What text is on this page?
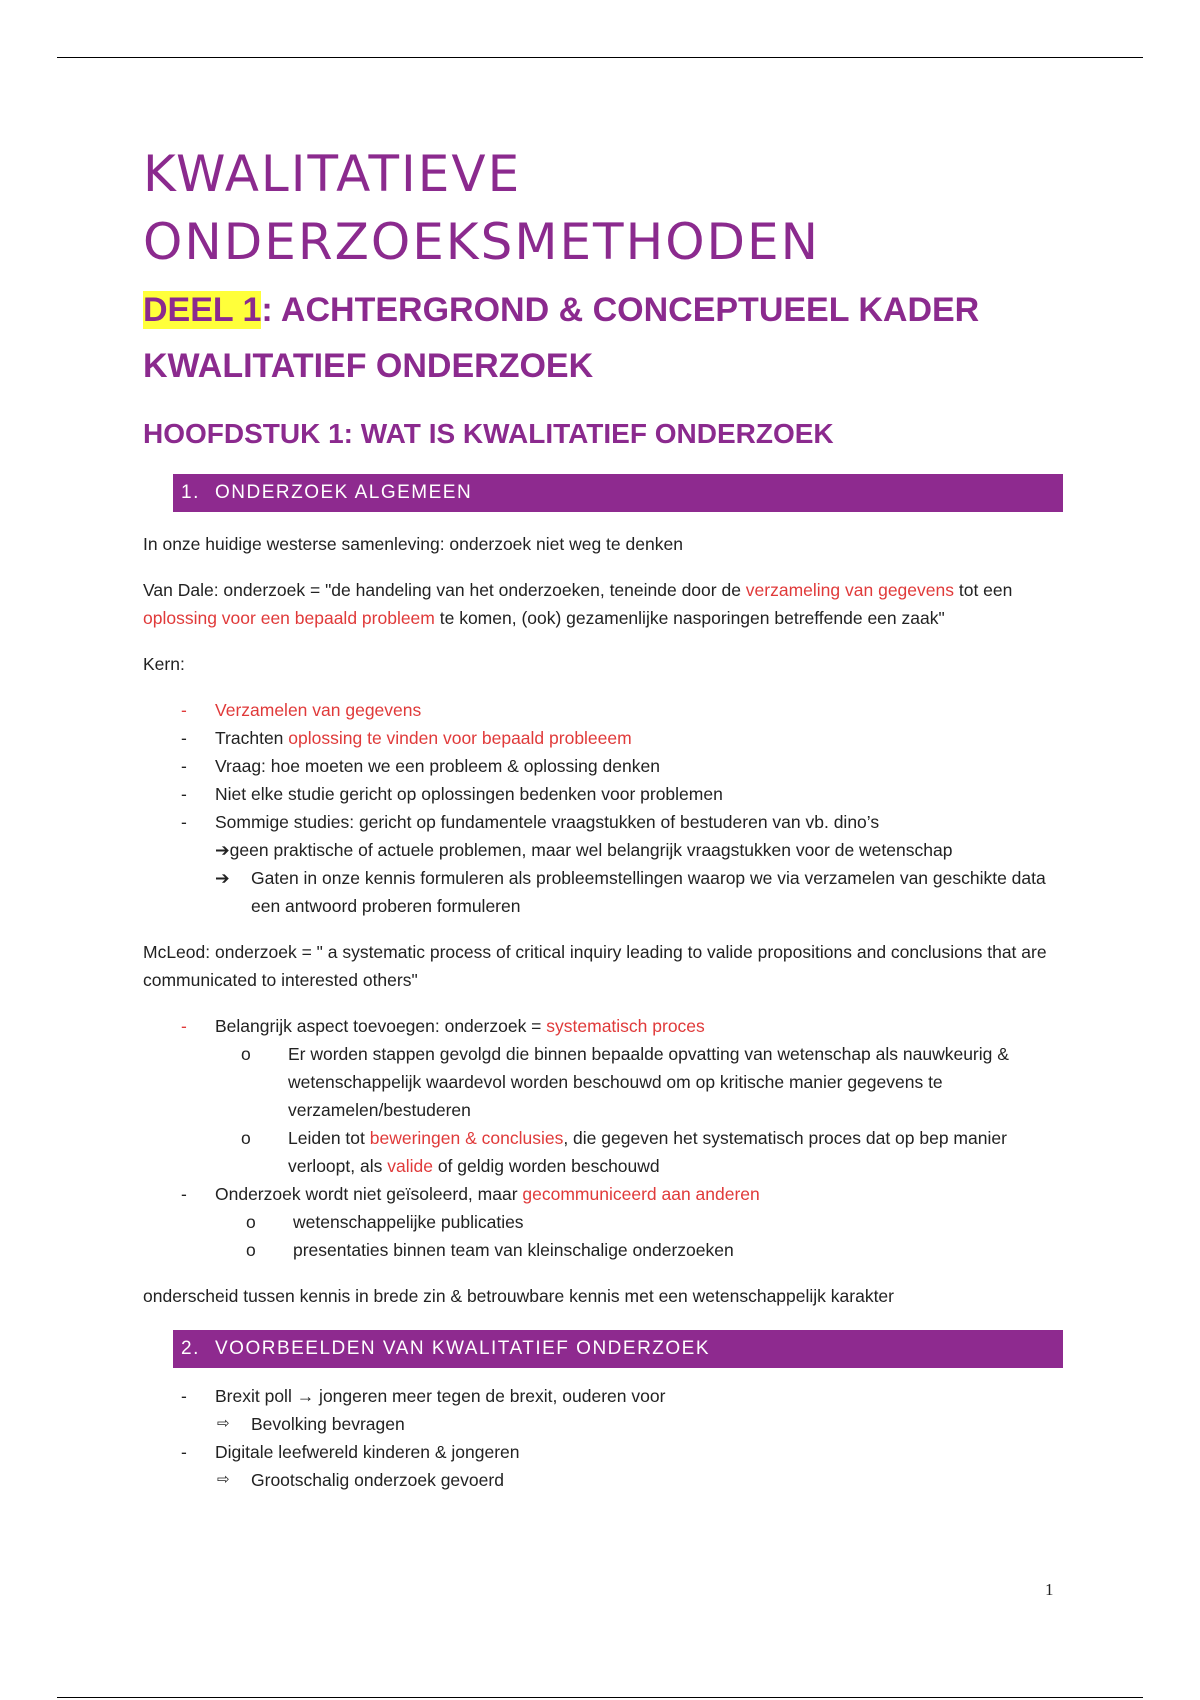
KWALITATIEVE
ONDERZOEKSMETHODEN
DEEL 1: ACHTERGROND & CONCEPTUEEL KADER
KWALITATIEF ONDERZOEK
HOOFDSTUK 1: WAT IS KWALITATIEF ONDERZOEK
1. ONDERZOEK ALGEMEEN

In onze huidige westerse samenleving: onderzoek niet weg te denken

Van Dale: onderzoek = "de handeling van het onderzoeken, teneinde door de verzameling van gegevens tot een oplossing voor een bepaald probleem te komen, (ook) gezamenlijke nasporingen betreffende een zaak"

Kern:

- Verzamelen van gegevens
- Trachten oplossing te vinden voor bepaald probleeem
- Vraag: hoe moeten we een probleem & oplossing denken
- Niet elke studie gericht op oplossingen bedenken voor problemen
- Sommige studies: gericht op fundamentele vraagstukken of bestuderen van vb. dino’s
➔geen praktische of actuele problemen, maar wel belangrijk vraagstukken voor de wetenschap
➔ Gaten in onze kennis formuleren als probleemstellingen waarop we via verzamelen van geschikte data een antwoord proberen formuleren

McLeod: onderzoek = " a systematic process of critical inquiry leading to valide propositions and conclusions that are communicated to interested others"

- Belangrijk aspect toevoegen: onderzoek = systematisch proces
o Er worden stappen gevolgd die binnen bepaalde opvatting van wetenschap als nauwkeurig & wetenschappelijk waardevol worden beschouwd om op kritische manier gegevens te verzamelen/bestuderen
o Leiden tot beweringen & conclusies, die gegeven het systematisch proces dat op bep manier verloopt, als valide of geldig worden beschouwd
- Onderzoek wordt niet geïsoleerd, maar gecommuniceerd aan anderen
o wetenschappelijke publicaties
o presentaties binnen team van kleinschalige onderzoeken

onderscheid tussen kennis in brede zin & betrouwbare kennis met een wetenschappelijk karakter

2. VOORBEELDEN VAN KWALITATIEF ONDERZOEK
- Brexit poll → jongeren meer tegen de brexit, ouderen voor
⇨ Bevolking bevragen
- Digitale leefwereld kinderen & jongeren
⇨ Grootschalig onderzoek gevoerd
1
